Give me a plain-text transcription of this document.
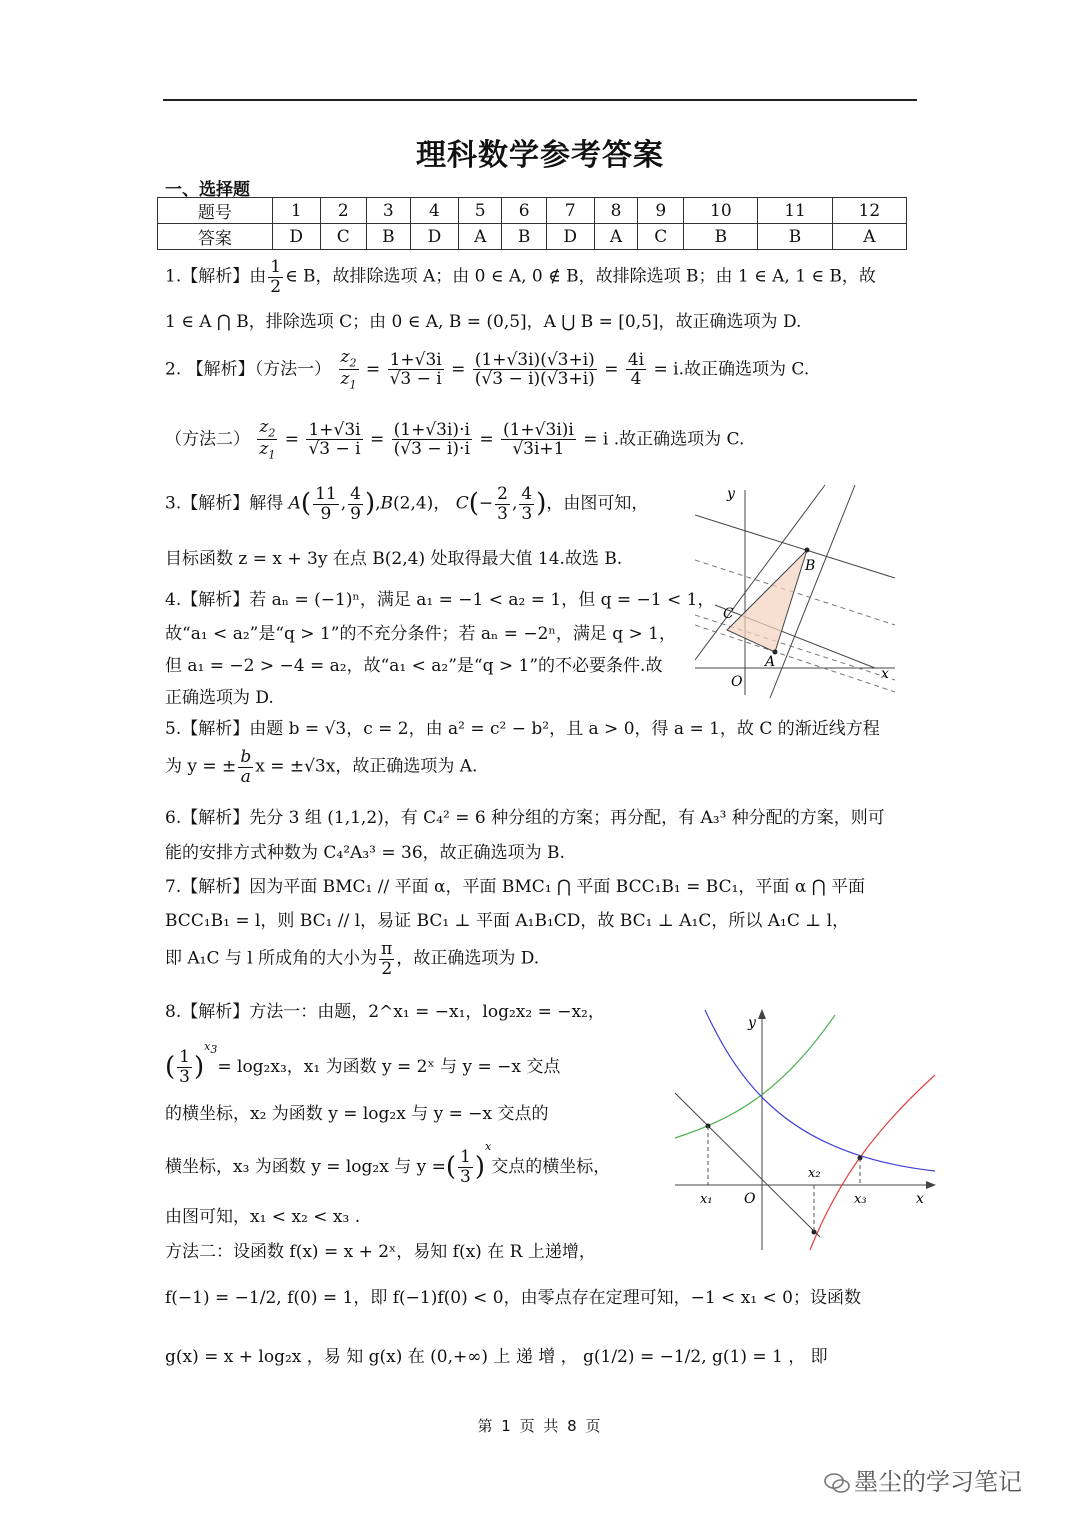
理科数学参考答案
一、选择题
题号	1	2	3	4	5	6	7	8	9	10	11	12
答案	D	C	B	D	A	B	D	A	C	B	B	A
1.【解析】由 $\frac{1}{2}$ ∈ B，故排除选项 A；由 0 ∈ A, 0 ∉ B，故排除选项 B；由 1 ∈ A, 1 ∈ B，故
1 ∈ A ⋂ B，排除选项 C；由 0 ∈ A, B = (0,5]，A ⋃ B = [0,5]，故正确选项为 D.
2. 【解析】（方法一） $\frac{z_2}{z_1} = \frac{1+√3i}{√3 - i} = \frac{(1+√3i)(√3+i)}{(√3 - i)(√3+i)} = \frac{4i}{4} = i$.故正确选项为 C.
（方法二） $\frac{z_2}{z_1} = \frac{1+√3i}{√3 - i} = \frac{(1+√3i)\cdot i}{(√3 - i)\cdot i} = \frac{(1+√3i)i}{√3i+1} = i$ .故正确选项为 C.
3.【解析】解得 $A( \frac{11}{9}$ , $\frac{4}{9} ),B(2,4)$， $C(- \frac{2}{3}$ , $\frac{4}{3}$ )，由图可知，
目标函数 z = x + 3y 在点 B(2,4) 处取得最大值 14.故选 B.
y
x
O
A
B
C
4.【解析】若 aₙ = (−1)ⁿ，满足 a₁ = −1 < a₂ = 1，但 q = −1 < 1，
故“a₁ < a₂”是“q > 1”的不充分条件；若 aₙ = −2ⁿ，满足 q > 1，
但 a₁ = −2 > −4 = a₂，故“a₁ < a₂”是“q > 1”的不必要条件.故
正确选项为 D.
5.【解析】由题 b = √3，c = 2，由 a² = c² − b²，且 a > 0，得 a = 1，故 C 的渐近线方程
为 y = ± $\frac{b}{a}$ x = ±√3x，故正确选项为 A.
6.【解析】先分 3 组 (1,1,2)，有 C₄² = 6 种分组的方案；再分配，有 A₃³ 种分配的方案，则可
能的安排方式种数为 C₄²A₃³ = 36，故正确选项为 B.
7.【解析】因为平面 BMC₁ // 平面 α，平面 BMC₁ ⋂ 平面 BCC₁B₁ = BC₁，平面 α ⋂ 平面
BCC₁B₁ = l，则 BC₁ // l，易证 BC₁ ⊥ 平面 A₁B₁CD，故 BC₁ ⊥ A₁C，所以 A₁C ⊥ l，
即 A₁C 与 l 所成角的大小为 $\frac{\pi}{2}$ ，故正确选项为 D.
8.【解析】方法一：由题，2^x₁ = −x₁，log₂x₂ = −x₂，
( $\frac{1}{3} )^{x_3}= \log_2x_3$，x₁ 为函数 y = 2ˣ 与 y = −x 交点
的横坐标，x₂ 为函数 y = log₂x 与 y = −x 交点的
横坐标，x₃ 为函数 y = log₂x 与 y =( $\frac{1}{3} )^x$交点的横坐标，
由图可知，x₁ < x₂ < x₃ .
方法二：设函数 f(x) = x + 2ˣ，易知 f(x) 在 R 上递增，
f(−1) = −1/2, f(0) = 1，即 f(−1)f(0) < 0，由零点存在定理可知，−1 < x₁ < 0；设函数
g(x) = x + log₂x ，易 知 g(x) 在 (0,+∞) 上 递 增 ， g(1/2) = −1/2, g(1) = 1 ， 即
y
x
O
x₁
x₂
x₃
第 1 页 共 8 页
墨尘的学习笔记
